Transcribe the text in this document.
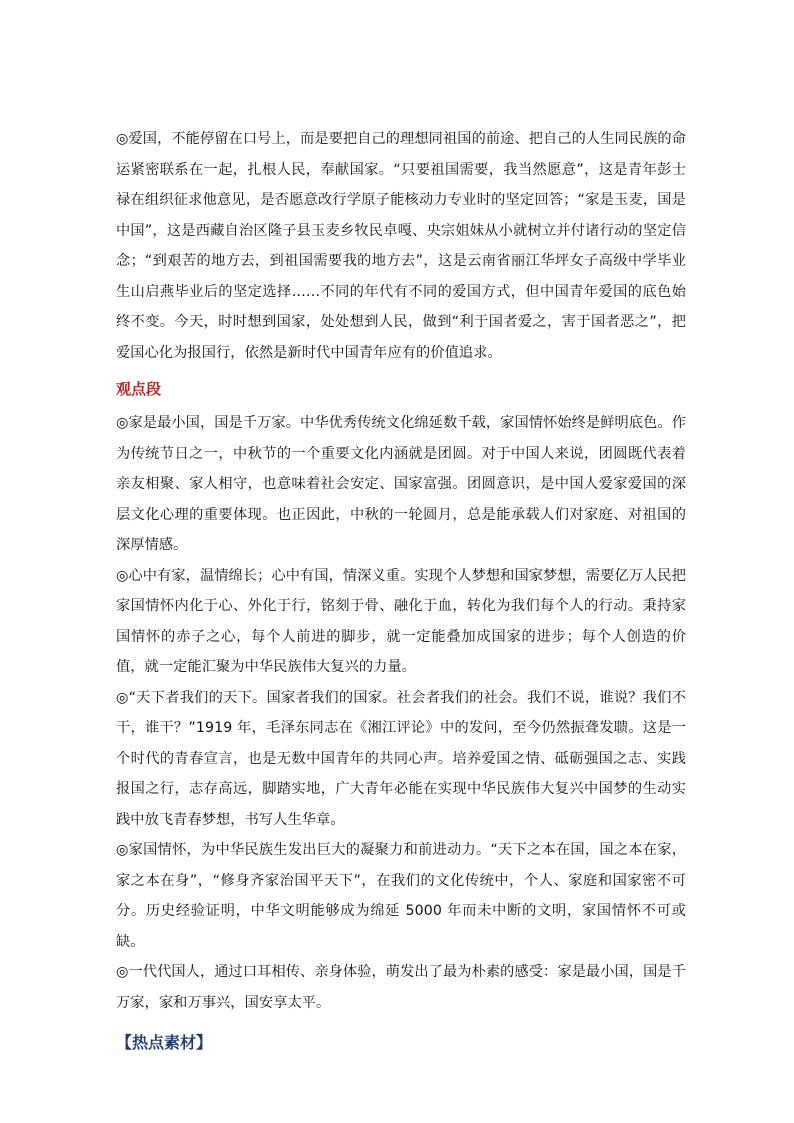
◎爱国，不能停留在口号上，而是要把自己的理想同祖国的前途、把自己的人生同民族的命运紧密联系在一起，扎根人民，奉献国家。“只要祖国需要，我当然愿意”，这是青年彭士禄在组织征求他意见，是否愿意改行学原子能核动力专业时的坚定回答；“家是玉麦，国是中国”，这是西藏自治区隆子县玉麦乡牧民卓嘎、央宗姐妹从小就树立并付诸行动的坚定信念；“到艰苦的地方去，到祖国需要我的地方去”，这是云南省丽江华坪女子高级中学毕业生山启燕毕业后的坚定选择……不同的年代有不同的爱国方式，但中国青年爱国的底色始终不变。今天，时时想到国家，处处想到人民，做到“利于国者爱之，害于国者恶之”，把爱国心化为报国行，依然是新时代中国青年应有的价值追求。

观点段

◎家是最小国，国是千万家。中华优秀传统文化绵延数千载，家国情怀始终是鲜明底色。作为传统节日之一，中秋节的一个重要文化内涵就是团圆。对于中国人来说，团圆既代表着亲友相聚、家人相守，也意味着社会安定、国家富强。团圆意识，是中国人爱家爱国的深层文化心理的重要体现。也正因此，中秋的一轮圆月，总是能承载人们对家庭、对祖国的深厚情感。

◎心中有家，温情绵长；心中有国，情深义重。实现个人梦想和国家梦想，需要亿万人民把家国情怀内化于心、外化于行，铭刻于骨、融化于血，转化为我们每个人的行动。秉持家国情怀的赤子之心，每个人前进的脚步，就一定能叠加成国家的进步；每个人创造的价值，就一定能汇聚为中华民族伟大复兴的力量。

◎“天下者我们的天下。国家者我们的国家。社会者我们的社会。我们不说，谁说？我们不干，谁干？”1919 年，毛泽东同志在《湘江评论》中的发问，至今仍然振聋发聩。这是一个时代的青春宣言，也是无数中国青年的共同心声。培养爱国之情、砥砺强国之志、实践报国之行，志存高远，脚踏实地，广大青年必能在实现中华民族伟大复兴中国梦的生动实践中放飞青春梦想，书写人生华章。

◎家国情怀，为中华民族生发出巨大的凝聚力和前进动力。“天下之本在国，国之本在家，家之本在身”，“修身齐家治国平天下”，在我们的文化传统中，个人、家庭和国家密不可分。历史经验证明，中华文明能够成为绵延 5000 年而未中断的文明，家国情怀不可或缺。

◎一代代国人，通过口耳相传、亲身体验，萌发出了最为朴素的感受：家是最小国，国是千万家，家和万事兴，国安享太平。

【热点素材】
